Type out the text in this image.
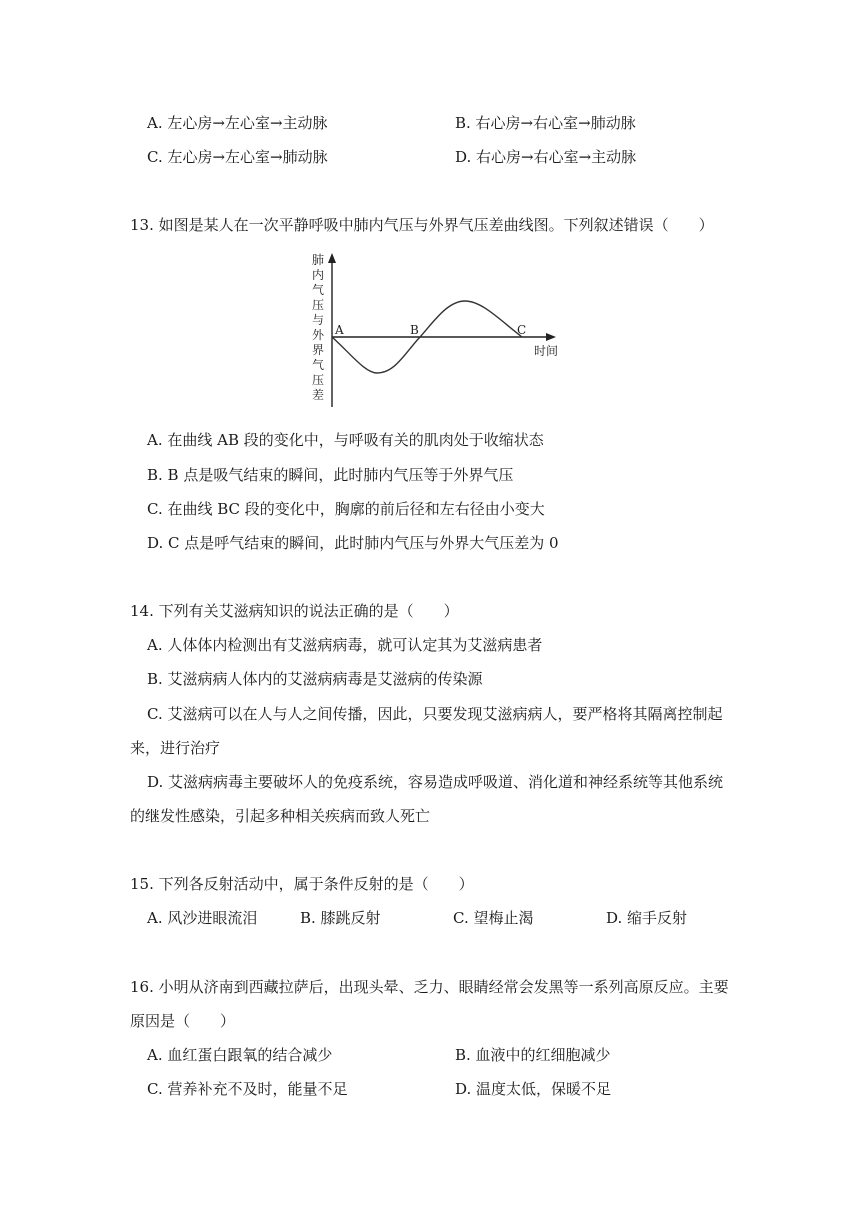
A. 左心房→左心室→主动脉	B. 右心房→右心室→肺动脉
C. 左心房→左心室→肺动脉	D. 右心房→右心室→主动脉
13. 如图是某人在一次平静呼吸中肺内气压与外界气压差曲线图。下列叙述错误（　　）
肺
内
气
压
与
外
界
气
压
差
A	B	C
时间
A. 在曲线 AB 段的变化中，与呼吸有关的肌肉处于收缩状态
B. B 点是吸气结束的瞬间，此时肺内气压等于外界气压
C. 在曲线 BC 段的变化中，胸廓的前后径和左右径由小变大
D. C 点是呼气结束的瞬间，此时肺内气压与外界大气压差为 0
14. 下列有关艾滋病知识的说法正确的是（　　）
A. 人体体内检测出有艾滋病病毒，就可认定其为艾滋病患者
B. 艾滋病病人体内的艾滋病病毒是艾滋病的传染源
C. 艾滋病可以在人与人之间传播，因此，只要发现艾滋病病人，要严格将其隔离控制起
来，进行治疗
D. 艾滋病病毒主要破坏人的免疫系统，容易造成呼吸道、消化道和神经系统等其他系统
的继发性感染，引起多种相关疾病而致人死亡
15. 下列各反射活动中，属于条件反射的是（　　）
A. 风沙进眼流泪	B. 膝跳反射	C. 望梅止渴	D. 缩手反射
16. 小明从济南到西藏拉萨后，出现头晕、乏力、眼睛经常会发黑等一系列高原反应。主要
原因是（　　）
A. 血红蛋白跟氧的结合减少	B. 血液中的红细胞减少
C. 营养补充不及时，能量不足	D. 温度太低，保暖不足
